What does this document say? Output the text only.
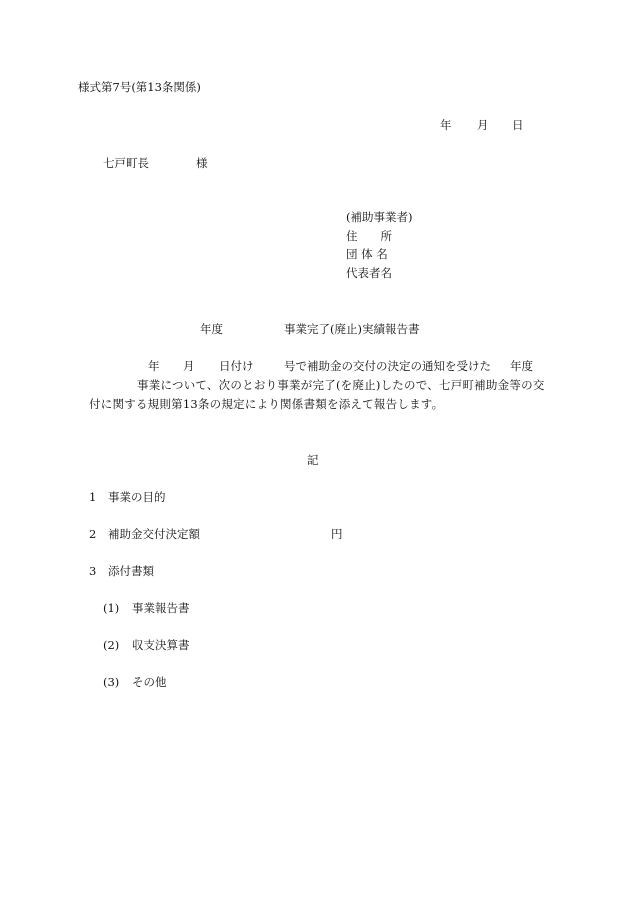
様式第7号(第13条関係)
年 月 日
七戸町長	様
(補助事業者)
住　　所
団 体 名
代表者名
年度	事業完了(廃止)実績報告書
年 月 日付け	号で補助金の交付の決定の通知を受けた 年度
事業について、次のとおり事業が完了(を廃止)したので、七戸町補助金等の交
付に関する規則第13条の規定により関係書類を添えて報告します。
記
1 事業の目的
2 補助金交付決定額	円
3 添付書類
(1) 事業報告書
(2) 収支決算書
(3) その他
